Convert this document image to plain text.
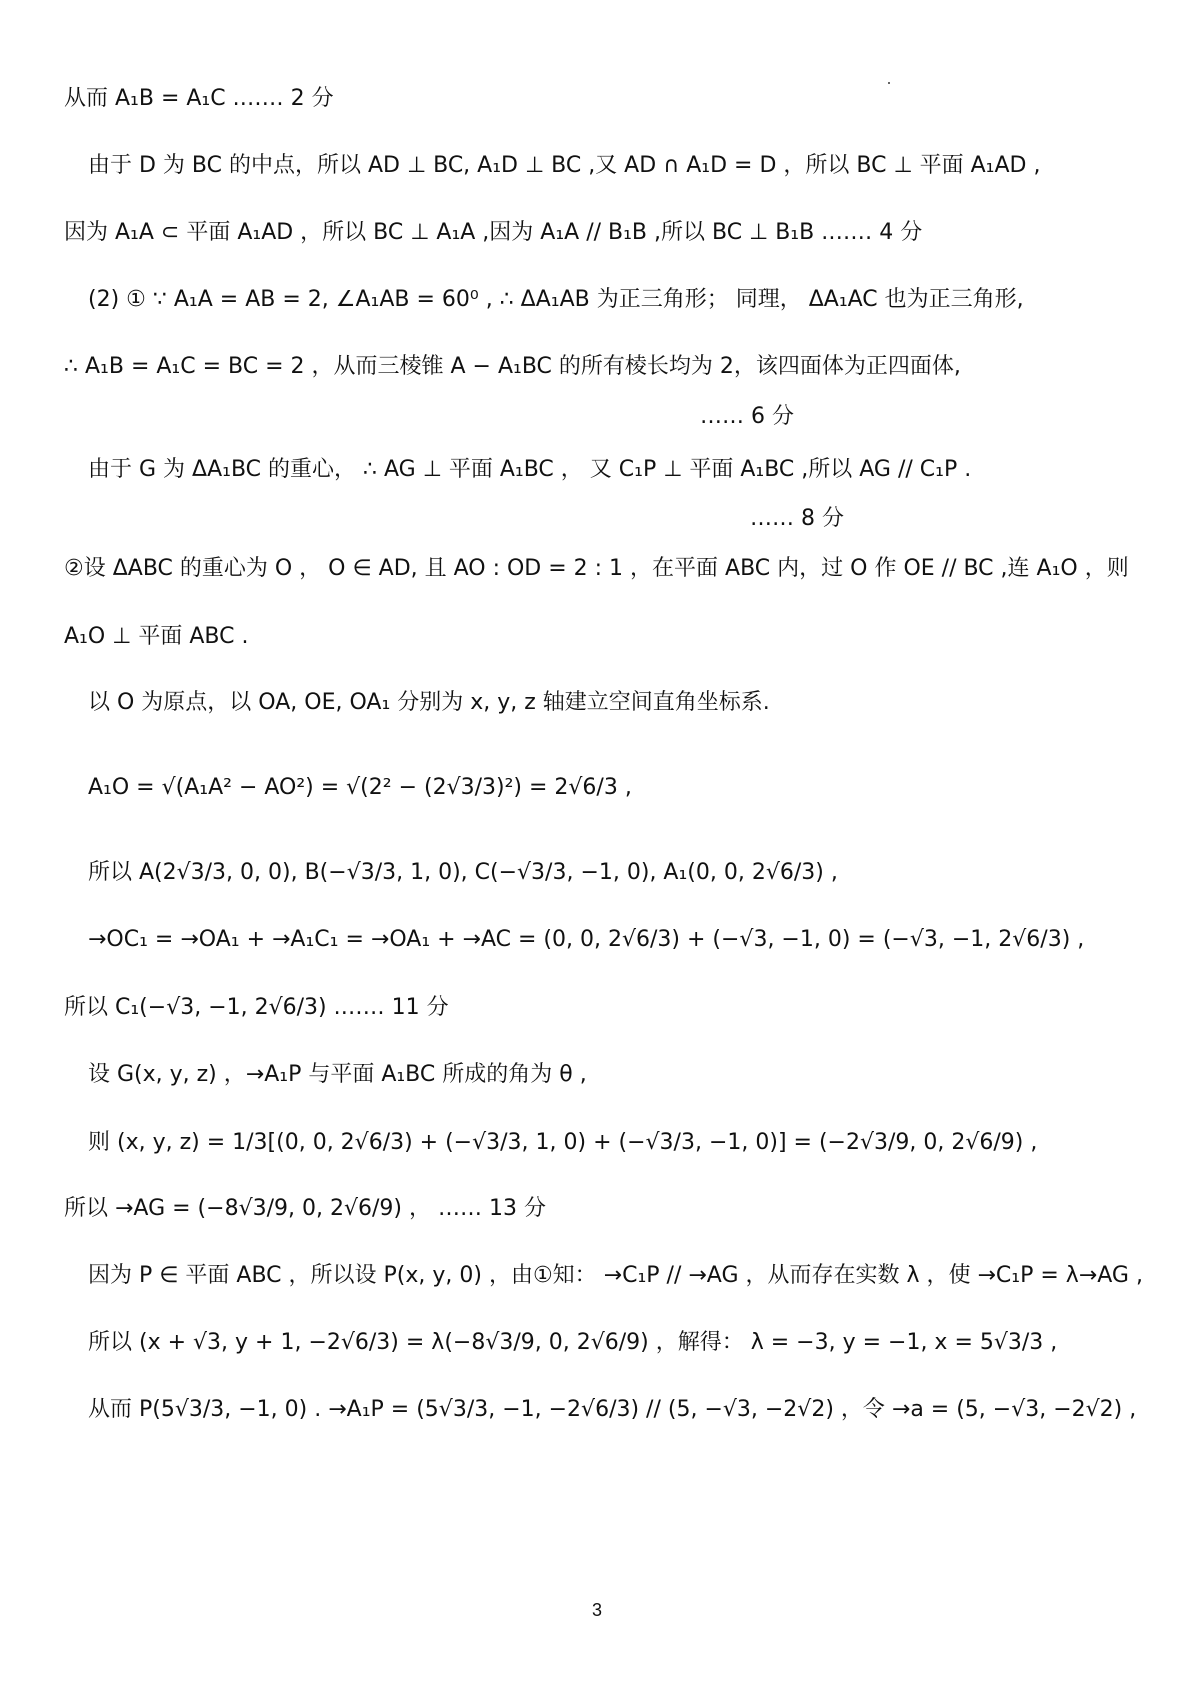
从而 A₁B = A₁C .…… 2 分
由于 D 为 BC 的中点，所以 AD ⊥ BC, A₁D ⊥ BC ,又 AD ∩ A₁D = D ，所以 BC ⊥ 平面 A₁AD ,
因为 A₁A ⊂ 平面 A₁AD ，所以 BC ⊥ A₁A ,因为 A₁A // B₁B ,所以 BC ⊥ B₁B .…… 4 分
(2) ① ∵ A₁A = AB = 2, ∠A₁AB = 60⁰ , ∴ ΔA₁AB 为正三角形； 同理， ΔA₁AC 也为正三角形,
∴ A₁B = A₁C = BC = 2 ，从而三棱锥 A − A₁BC 的所有棱长均为 2，该四面体为正四面体,
…… 6 分
由于 G 为 ΔA₁BC 的重心， ∴ AG ⊥ 平面 A₁BC ， 又 C₁P ⊥ 平面 A₁BC ,所以 AG // C₁P .
…… 8 分
②设 ΔABC 的重心为 O ， O ∈ AD, 且 AO : OD = 2 : 1 ，在平面 ABC 内，过 O 作 OE // BC ,连 A₁O ，则
A₁O ⊥ 平面 ABC .
以 O 为原点，以 OA, OE, OA₁ 分别为 x, y, z 轴建立空间直角坐标系.
A₁O = √(A₁A² − AO²) = √(2² − (2√3/3)²) = 2√6/3 ,
所以 A(2√3/3, 0, 0), B(−√3/3, 1, 0), C(−√3/3, −1, 0), A₁(0, 0, 2√6/3) ,
→OC₁ = →OA₁ + →A₁C₁ = →OA₁ + →AC = (0, 0, 2√6/3) + (−√3, −1, 0) = (−√3, −1, 2√6/3) ,
所以 C₁(−√3, −1, 2√6/3) .…… 11 分
设 G(x, y, z) ，→A₁P 与平面 A₁BC 所成的角为 θ ,
则 (x, y, z) = 1/3[(0, 0, 2√6/3) + (−√3/3, 1, 0) + (−√3/3, −1, 0)] = (−2√3/9, 0, 2√6/9) ,
所以 →AG = (−8√3/9, 0, 2√6/9) ， …… 13 分
因为 P ∈ 平面 ABC ，所以设 P(x, y, 0) ，由①知： →C₁P // →AG ，从而存在实数 λ ，使 →C₁P = λ→AG ,
所以 (x + √3, y + 1, −2√6/3) = λ(−8√3/9, 0, 2√6/9) ，解得： λ = −3, y = −1, x = 5√3/3 ,
从而 P(5√3/3, −1, 0) . →A₁P = (5√3/3, −1, −2√6/3) // (5, −√3, −2√2) ，令 →a = (5, −√3, −2√2) ,
3
